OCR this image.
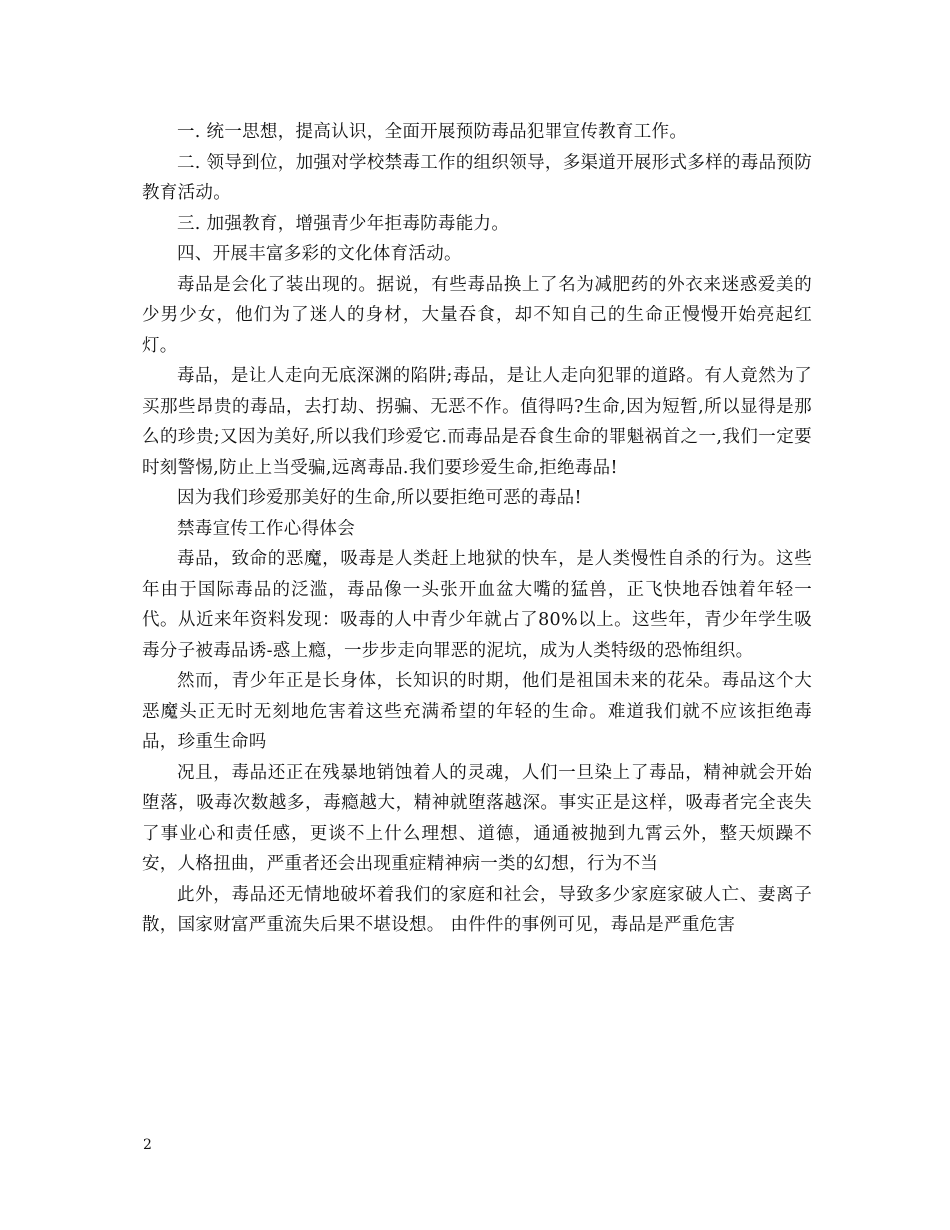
一. 统一思想，提高认识，全面开展预防毒品犯罪宣传教育工作。

二. 领导到位，加强对学校禁毒工作的组织领导，多渠道开展形式多样的毒品预防教育活动。

三. 加强教育，增强青少年拒毒防毒能力。

四、开展丰富多彩的文化体育活动。

毒品是会化了装出现的。据说，有些毒品换上了名为减肥药的外衣来迷惑爱美的少男少女，他们为了迷人的身材，大量吞食，却不知自己的生命正慢慢开始亮起红灯。

毒品，是让人走向无底深渊的陷阱;毒品，是让人走向犯罪的道路。有人竟然为了买那些昂贵的毒品，去打劫、拐骗、无恶不作。值得吗?生命,因为短暂,所以显得是那么的珍贵;又因为美好,所以我们珍爱它.而毒品是吞食生命的罪魁祸首之一,我们一定要时刻警惕,防止上当受骗,远离毒品.我们要珍爱生命,拒绝毒品!

因为我们珍爱那美好的生命,所以要拒绝可恶的毒品!

禁毒宣传工作心得体会

毒品，致命的恶魔，吸毒是人类赶上地狱的快车，是人类慢性自杀的行为。这些年由于国际毒品的泛滥，毒品像一头张开血盆大嘴的猛兽，正飞快地吞蚀着年轻一代。从近来年资料发现：吸毒的人中青少年就占了80%以上。这些年，青少年学生吸毒分子被毒品诱-惑上瘾，一步步走向罪恶的泥坑，成为人类特级的恐怖组织。

然而，青少年正是长身体，长知识的时期，他们是祖国未来的花朵。毒品这个大恶魔头正无时无刻地危害着这些充满希望的年轻的生命。难道我们就不应该拒绝毒品，珍重生命吗

况且，毒品还正在残暴地销蚀着人的灵魂，人们一旦染上了毒品，精神就会开始堕落，吸毒次数越多，毒瘾越大，精神就堕落越深。事实正是这样，吸毒者完全丧失了事业心和责任感，更谈不上什么理想、道德，通通被抛到九霄云外，整天烦躁不安，人格扭曲，严重者还会出现重症精神病一类的幻想，行为不当

此外，毒品还无情地破坏着我们的家庭和社会，导致多少家庭家破人亡、妻离子散，国家财富严重流失后果不堪设想。 由件件的事例可见，毒品是严重危害

2
